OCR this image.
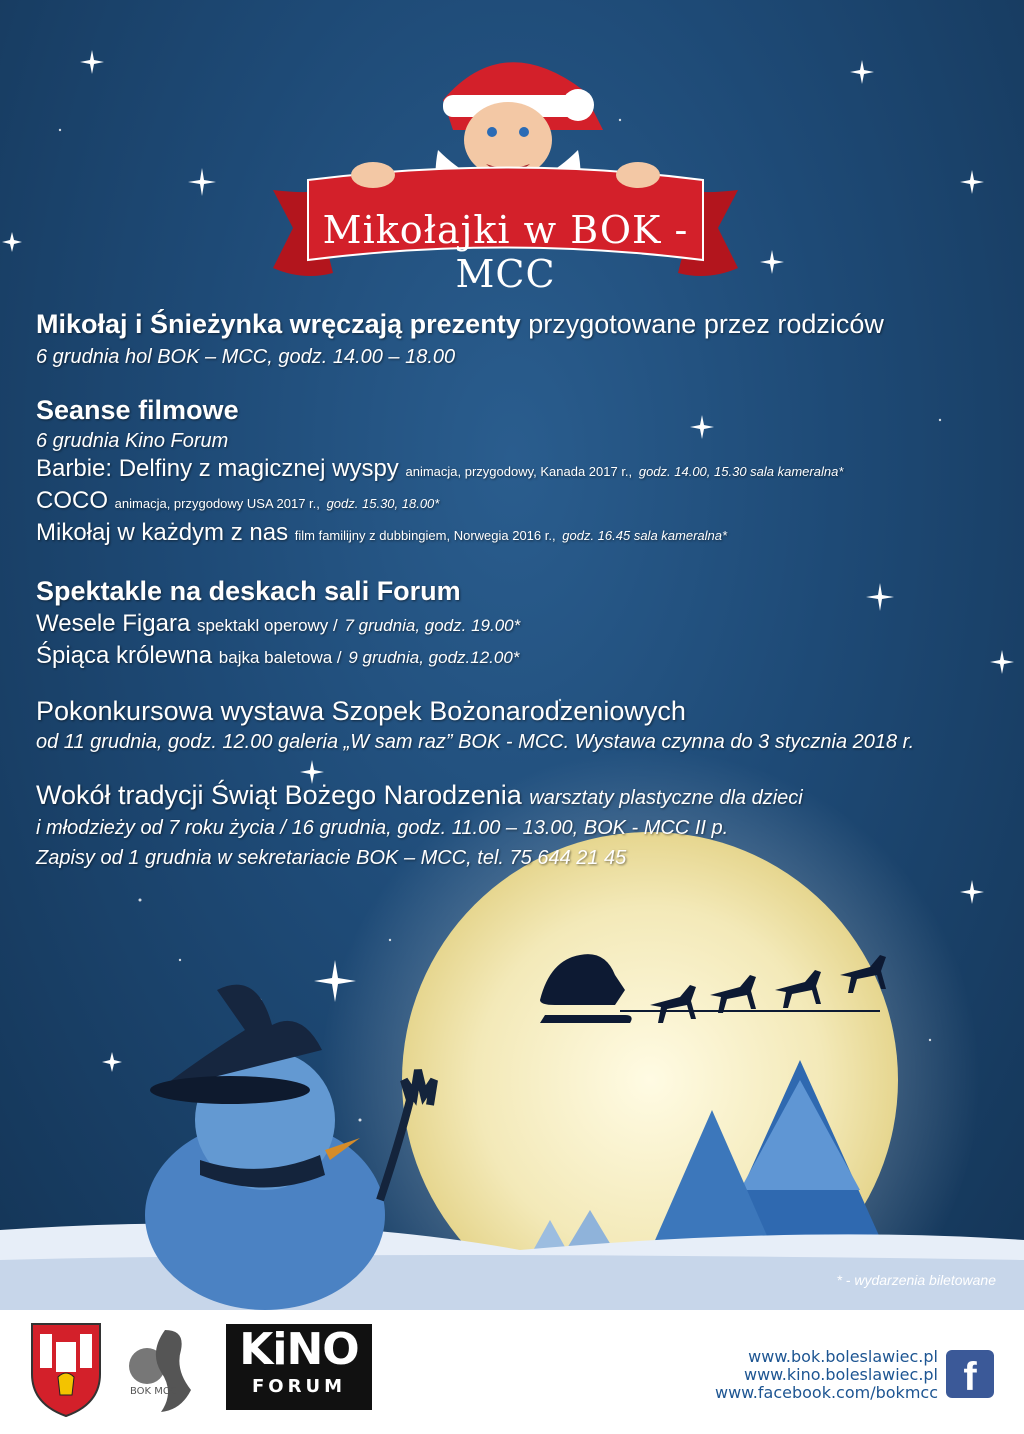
Mikołajki w BOK - MCC

Mikołaj i Śnieżynka wręczają prezenty przygotowane przez rodziców

6 grudnia hol BOK – MCC, godz. 14.00 – 18.00

Seanse filmowe

6 grudnia Kino Forum

Barbie: Delfiny z magicznej wyspy animacja, przygodowy, Kanada 2017 r., godz. 14.00, 15.30 sala kameralna*

COCO animacja, przygodowy USA 2017 r., godz. 15.30, 18.00*

Mikołaj w każdym z nas film familijny z dubbingiem, Norwegia 2016 r., godz. 16.45 sala kameralna*

Spektakle na deskach sali Forum

Wesele Figara spektakl operowy / 7 grudnia, godz. 19.00*

Śpiąca królewna bajka baletowa / 9 grudnia, godz.12.00*

Pokonkursowa wystawa Szopek Bożonarodzeniowych

od 11 grudnia, godz. 12.00 galeria „W sam raz” BOK - MCC. Wystawa czynna do 3 stycznia 2018 r.

Wokół tradycji Świąt Bożego Narodzenia warsztaty plastyczne dla dzieci

i młodzieży od 7 roku życia / 16 grudnia, godz. 11.00 – 13.00, BOK - MCC II p.

Zapisy od 1 grudnia w sekretariacie BOK – MCC, tel. 75 644 21 45

* - wydarzenia biletowane
BOK MCC
KiNO
FORUM
www.bok.boleslawiec.pl
www.kino.boleslawiec.pl
www.facebook.com/bokmcc f
